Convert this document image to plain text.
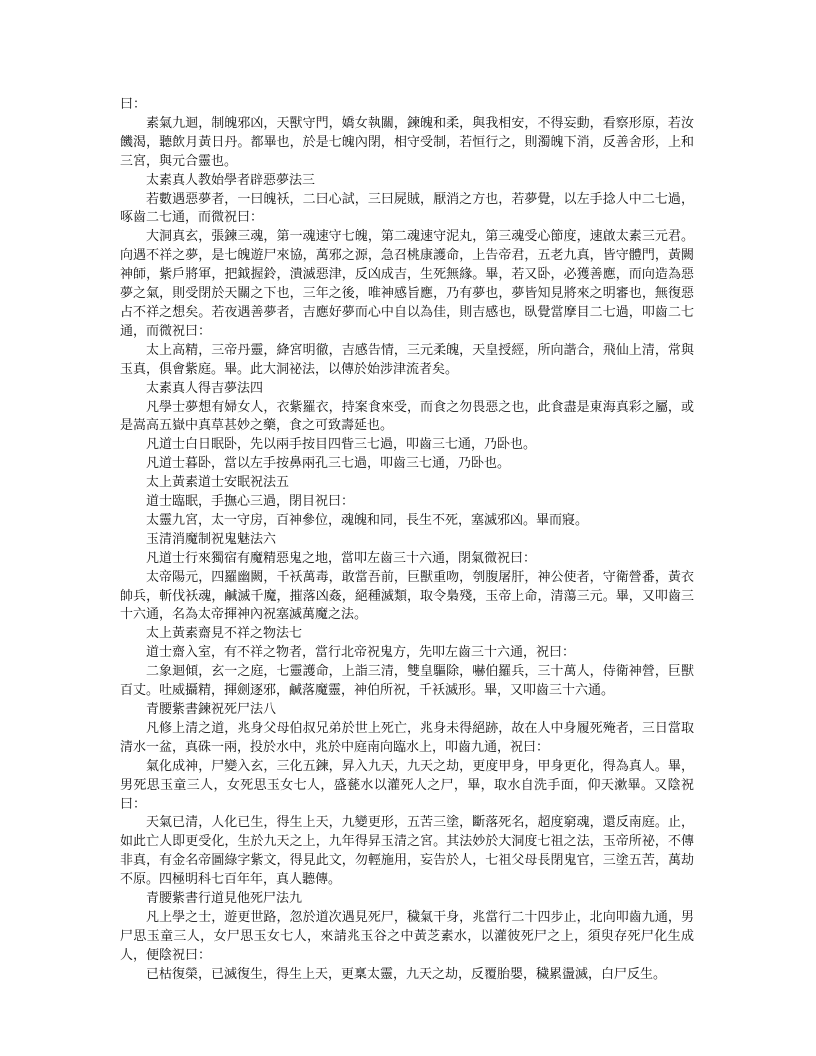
曰：

素氣九迴，制魄邪凶，天獸守門，嬌女執關，鍊魄和柔，與我相安，不得妄動，看察形原，若汝饑渴，聽飲月黃日丹。都畢也，於是七魄內閉，相守受制，若恒行之，則濁魄下消，反善舍形，上和三宮，與元合靈也。

太素真人教始學者辟惡夢法三

若數遇惡夢者，一曰魄袄，二曰心試，三曰屍賊，厭消之方也，若夢覺，以左手捻人中二七過，啄齒二七通，而微祝曰：

大洞真玄，張鍊三魂，第一魂速守七魄，第二魂速守泥丸，第三魂受心節度，速啟太素三元君。向遇不祥之夢，是七魄遊尸來協，萬邪之源，急召桃康護命，上告帝君，五老九真，皆守體門，黃闕神師，紫戶將軍，把鉞握鈴，潰滅惡津，反凶成吉，生死無緣。畢，若又卧，必獲善應，而向造為惡夢之氣，則受閉於天關之下也，三年之後，唯神感旨應，乃有夢也，夢皆知見將來之明審也，無復惡占不祥之想矣。若夜遇善夢者，吉應好夢而心中自以為佳，則吉感也，臥覺當摩目二七過，叩齒二七通，而微祝曰：

太上高精，三帝丹靈，絳宮明徹，吉感告情，三元柔魄，天皇授經，所向諧合，飛仙上清，常與玉真，俱會紫庭。畢。此大洞祕法，以傳於始涉津流者矣。

太素真人得吉夢法四

凡學士夢想有婦女人，衣紫羅衣，持案食來受，而食之勿畏惡之也，此食盡是東海真彩之屬，或是嵩高五嶽中真草甚妙之藥，食之可致壽延也。

凡道士白日眠卧，先以兩手按目四眥三七過，叩齒三七通，乃卧也。

凡道士暮卧，當以左手按鼻兩孔三七過，叩齒三七通，乃卧也。

太上黃素道士安眠祝法五

道士臨眠，手撫心三過，閉目祝曰：

太靈九宮，太一守房，百神參位，魂魄和同，長生不死，塞滅邪凶。畢而寢。

玉清消魔制祝鬼魅法六

凡道士行來獨宿有魔精惡鬼之地，當叩左齒三十六通，閉氣微祝曰：

太帝陽元，四羅幽闕，千袄萬毒，敢當吾前，巨獸重吻，刳腹屠肝，神公使者，守衛營番，黃衣帥兵，斬伐袄魂，鹹滅千魔，摧落凶姦，絕種滅類，取令梟殘，玉帝上命，清蕩三元。畢，又叩齒三十六通，名為太帝揮神內祝塞滅萬魔之法。

太上黃素齋見不祥之物法七

道士齋入室，有不祥之物者，當行北帝祝鬼方，先叩左齒三十六通，祝曰：

二象迴傾，玄一之庭，七靈護命，上詣三清，雙皇驅除，嚇伯羅兵，三十萬人，侍衛神營，巨獸百丈。吐威攝精，揮劍逐邪，鹹落魔靈，神伯所祝，千袄滅形。畢，又叩齒三十六通。

青腰紫書鍊祝死尸法八

凡修上清之道，兆身父母伯叔兄弟於世上死亡，兆身未得絕跡，故在人中身履死殗者，三日當取清水一盆，真硃一兩，投於水中，兆於中庭南向臨水上，叩齒九通，祝曰：

氣化成神，尸變入玄，三化五鍊，昇入九天，九天之劫，更度甲身，甲身更化，得為真人。畢，男死思玉童三人，女死思玉女七人，盛甆水以灌死人之尸，畢，取水自洗手面，仰天漱畢。又陰祝曰：

天氣已清，人化已生，得生上天，九變更形，五苦三塗，斷落死名，超度窮魂，還反南庭。止，如此亡人即更受化，生於九天之上，九年得昇玉清之宮。其法妙於大洞度七祖之法，玉帝所祕，不傳非真，有金名帝圖綠字紫文，得見此文，勿輕施用，妄告於人，七祖父母長閉鬼官，三塗五苦，萬劫不原。四極明科七百年年，真人聽傳。

青腰紫書行道見他死尸法九

凡上學之士，遊更世路，忽於道次遇見死尸，穢氣干身，兆當行二十四步止，北向叩齒九通，男尸思玉童三人，女尸思玉女七人，來請兆玉谷之中黃芝素水，以灌彼死尸之上，須臾存死尸化生成人，便陰祝曰：

已枯復榮，已滅復生，得生上天，更稟太靈，九天之劫，反覆胎嬰，穢累盪滅，白尸反生。
